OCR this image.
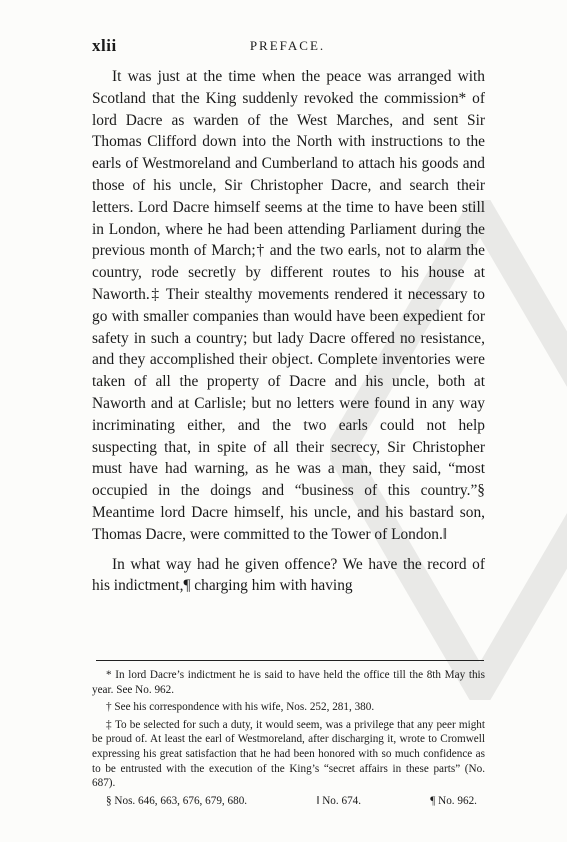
xlii	PREFACE.

It was just at the time when the peace was arranged with Scotland that the King suddenly revoked the commission* of lord Dacre as warden of the West Marches, and sent Sir Thomas Clifford down into the North with instructions to the earls of Westmoreland and Cumberland to attach his goods and those of his uncle, Sir Christopher Dacre, and search their letters. Lord Dacre himself seems at the time to have been still in London, where he had been attending Parliament during the previous month of March;† and the two earls, not to alarm the country, rode secretly by different routes to his house at Naworth.‡ Their stealthy movements rendered it necessary to go with smaller companies than would have been expedient for safety in such a country; but lady Dacre offered no resistance, and they accomplished their object. Complete inventories were taken of all the property of Dacre and his uncle, both at Naworth and at Carlisle; but no letters were found in any way incriminating either, and the two earls could not help suspecting that, in spite of all their secrecy, Sir Christopher must have had warning, as he was a man, they said, “most occupied in the doings and “business of this country.”§ Meantime lord Dacre himself, his uncle, and his bastard son, Thomas Dacre, were committed to the Tower of London.‖

In what way had he given offence? We have the record of his indictment,¶ charging him with having

* In lord Dacre’s indictment he is said to have held the office till the 8th May this year. See No. 962.

† See his correspondence with his wife, Nos. 252, 281, 380.

‡ To be selected for such a duty, it would seem, was a privilege that any peer might be proud of. At least the earl of Westmoreland, after discharging it, wrote to Cromwell expressing his great satisfaction that he had been honored with so much confidence as to be entrusted with the execution of the King’s “secret affairs in these parts” (No. 687).

§ Nos. 646, 663, 676, 679, 680.	‖ No. 674.	¶ No. 962.
